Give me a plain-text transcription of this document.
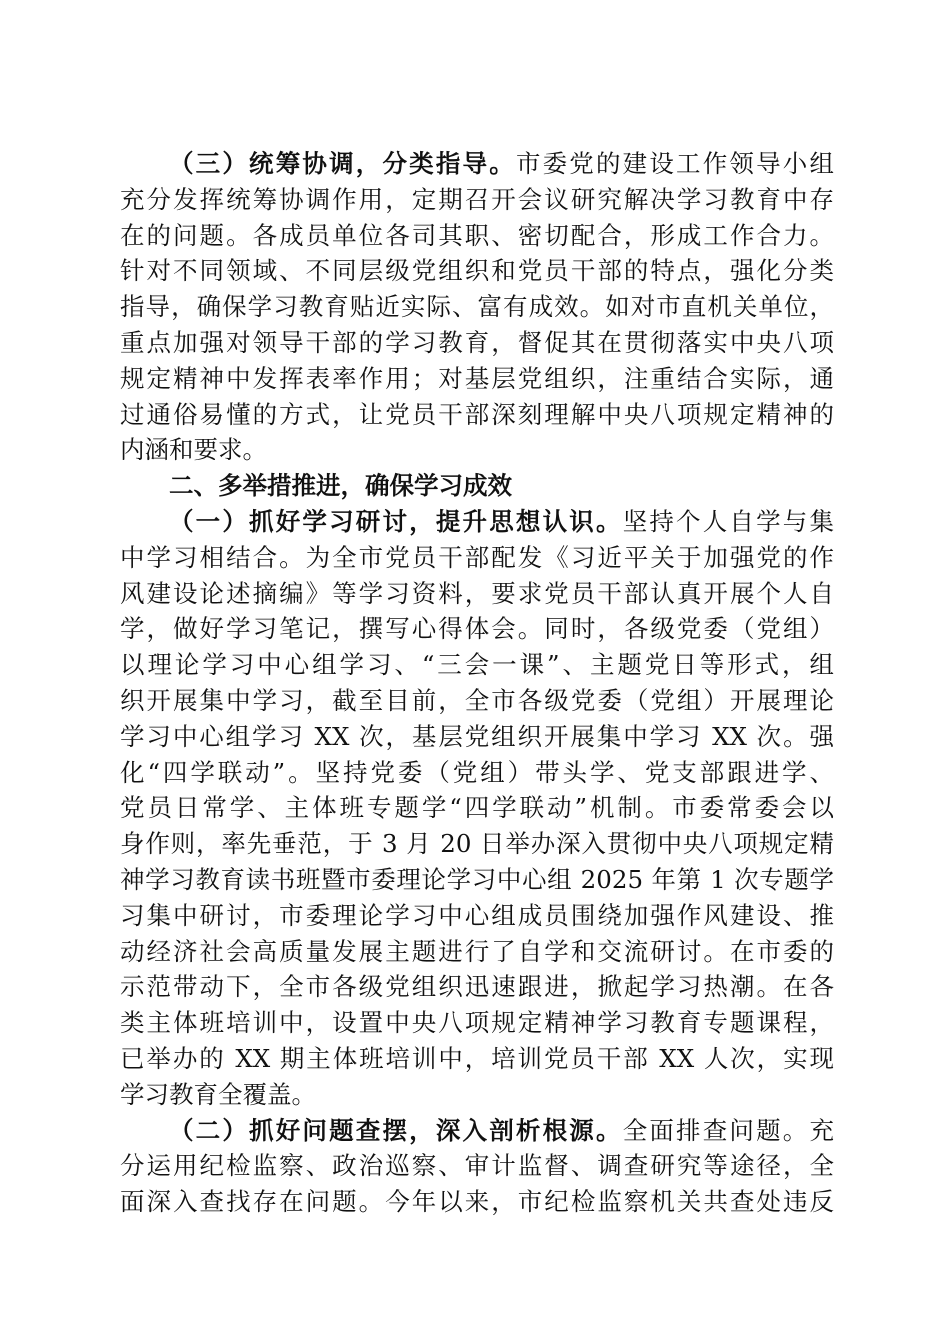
（三）统筹协调，分类指导。市委党的建设工作领导小组
充分发挥统筹协调作用，定期召开会议研究解决学习教育中存
在的问题。各成员单位各司其职、密切配合，形成工作合力。
针对不同领域、不同层级党组织和党员干部的特点，强化分类
指导，确保学习教育贴近实际、富有成效。如对市直机关单位，
重点加强对领导干部的学习教育，督促其在贯彻落实中央八项
规定精神中发挥表率作用；对基层党组织，注重结合实际，通
过通俗易懂的方式，让党员干部深刻理解中央八项规定精神的
内涵和要求。
二、多举措推进，确保学习成效
（一）抓好学习研讨，提升思想认识。坚持个人自学与集
中学习相结合。为全市党员干部配发《习近平关于加强党的作
风建设论述摘编》等学习资料，要求党员干部认真开展个人自
学，做好学习笔记，撰写心得体会。同时，各级党委（党组）
以理论学习中心组学习、“三会一课”、主题党日等形式，组
织开展集中学习，截至目前，全市各级党委（党组）开展理论
学习中心组学习 XX 次，基层党组织开展集中学习 XX 次。强
化“四学联动”。坚持党委（党组）带头学、党支部跟进学、
党员日常学、主体班专题学“四学联动”机制。市委常委会以
身作则，率先垂范，于 3 月 20 日举办深入贯彻中央八项规定精
神学习教育读书班暨市委理论学习中心组 2025 年第 1 次专题学
习集中研讨，市委理论学习中心组成员围绕加强作风建设、推
动经济社会高质量发展主题进行了自学和交流研讨。在市委的
示范带动下，全市各级党组织迅速跟进，掀起学习热潮。在各
类主体班培训中，设置中央八项规定精神学习教育专题课程，
已举办的 XX 期主体班培训中，培训党员干部 XX 人次，实现
学习教育全覆盖。
（二）抓好问题查摆，深入剖析根源。全面排查问题。充
分运用纪检监察、政治巡察、审计监督、调查研究等途径，全
面深入查找存在问题。今年以来，市纪检监察机关共查处违反
